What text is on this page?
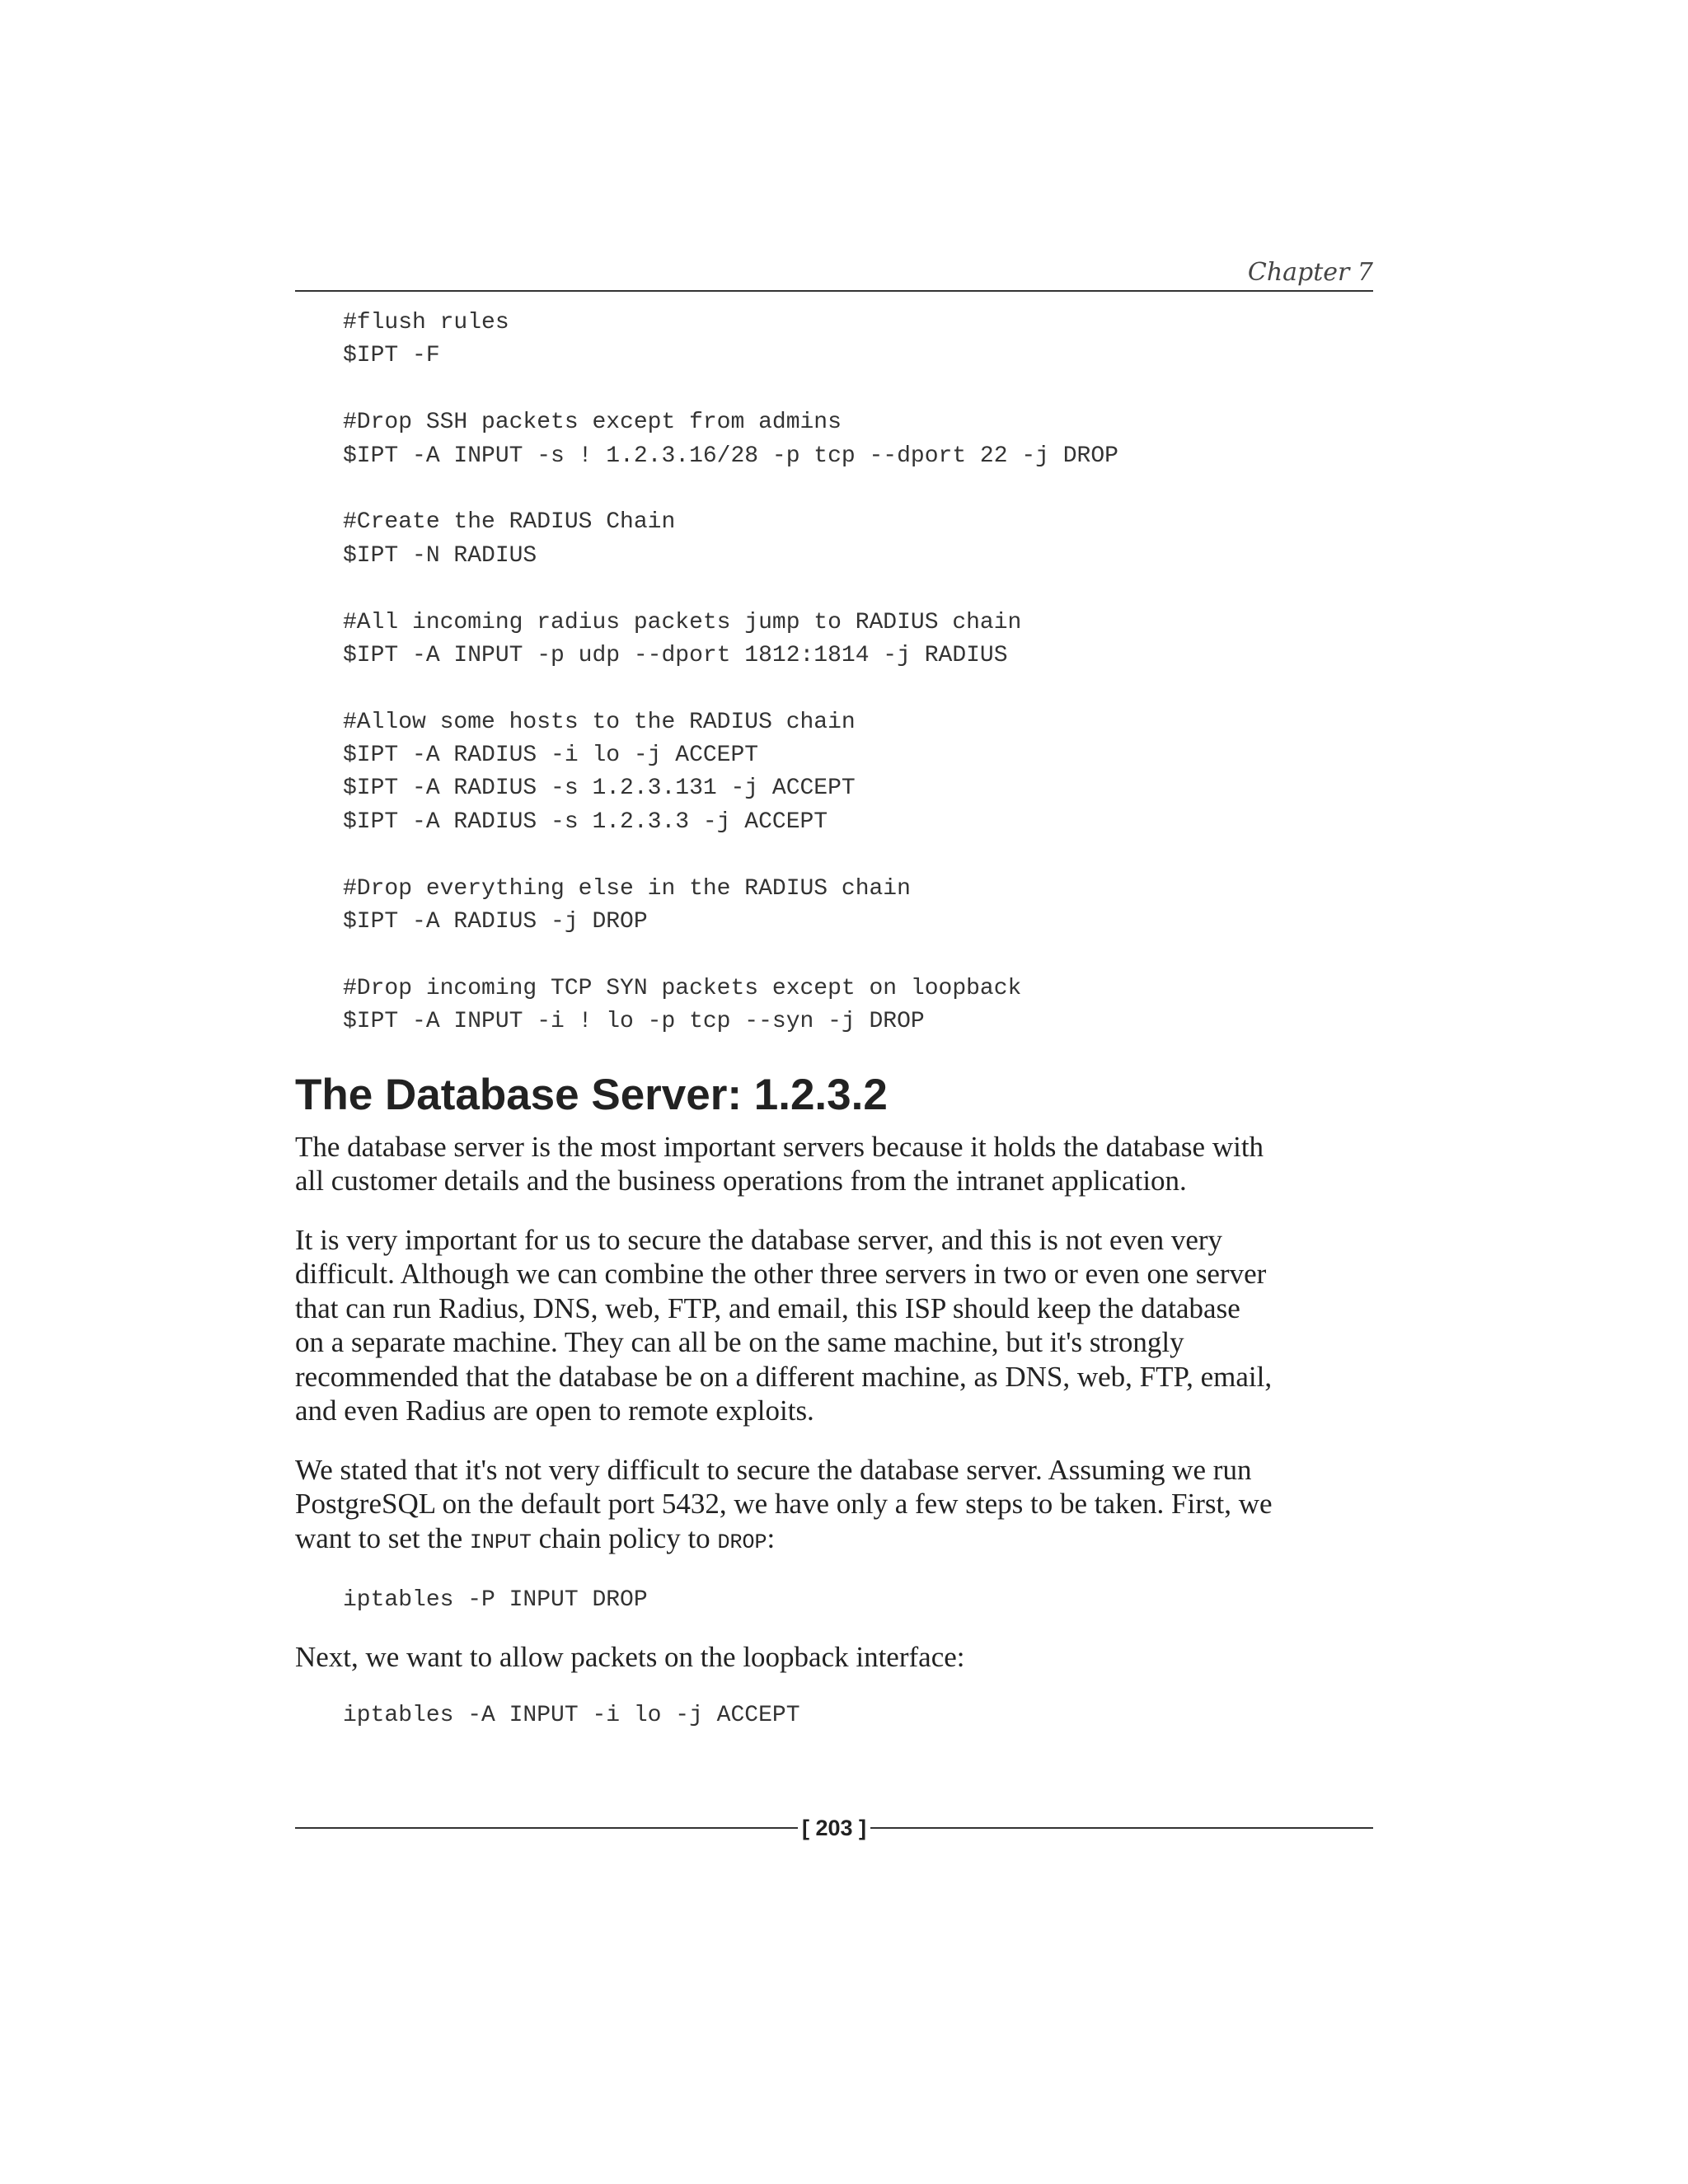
Chapter 7
#flush rules
$IPT -F
#Drop SSH packets except from admins
$IPT -A INPUT -s ! 1.2.3.16/28 -p tcp --dport 22 -j DROP
#Create the RADIUS Chain
$IPT -N RADIUS
#All incoming radius packets jump to RADIUS chain
$IPT -A INPUT -p udp --dport 1812:1814 -j RADIUS
#Allow some hosts to the RADIUS chain
$IPT -A RADIUS -i lo -j ACCEPT
$IPT -A RADIUS -s 1.2.3.131 -j ACCEPT
$IPT -A RADIUS -s 1.2.3.3 -j ACCEPT
#Drop everything else in the RADIUS chain
$IPT -A RADIUS -j DROP
#Drop incoming TCP SYN packets except on loopback
$IPT -A INPUT -i ! lo -p tcp --syn -j DROP
The Database Server: 1.2.3.2

The database server is the most important servers because it holds the database with
all customer details and the business operations from the intranet application.

It is very important for us to secure the database server, and this is not even very
difficult. Although we can combine the other three servers in two or even one server
that can run Radius, DNS, web, FTP, and email, this ISP should keep the database
on a separate machine. They can all be on the same machine, but it's strongly
recommended that the database be on a different machine, as DNS, web, FTP, email,
and even Radius are open to remote exploits.

We stated that it's not very difficult to secure the database server. Assuming we run
PostgreSQL on the default port 5432, we have only a few steps to be taken. First, we
want to set the INPUT chain policy to DROP:

iptables -P INPUT DROP

Next, we want to allow packets on the loopback interface:

iptables -A INPUT -i lo -j ACCEPT
[ 203 ]
